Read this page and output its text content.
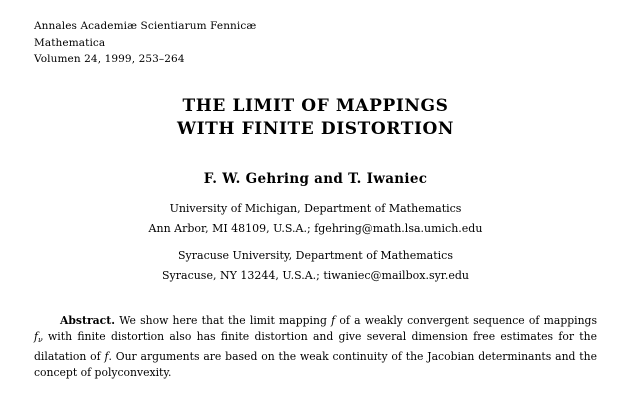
Annales Academiæ Scientiarum Fennicæ
Mathematica
Volumen 24, 1999, 253–264
THE LIMIT OF MAPPINGS
WITH FINITE DISTORTION
F. W. Gehring and T. Iwaniec
University of Michigan, Department of Mathematics
Ann Arbor, MI 48109, U.S.A.; fgehring@math.lsa.umich.edu
Syracuse University, Department of Mathematics
Syracuse, NY 13244, U.S.A.; tiwaniec@mailbox.syr.edu
Abstract. We show here that the limit mapping f of a weakly convergent sequence of mappings $f_\nu$ with finite distortion also has finite distortion and give several dimension free estimates for the dilatation of f. Our arguments are based on the weak continuity of the Jacobian determinants and the concept of polyconvexity.
